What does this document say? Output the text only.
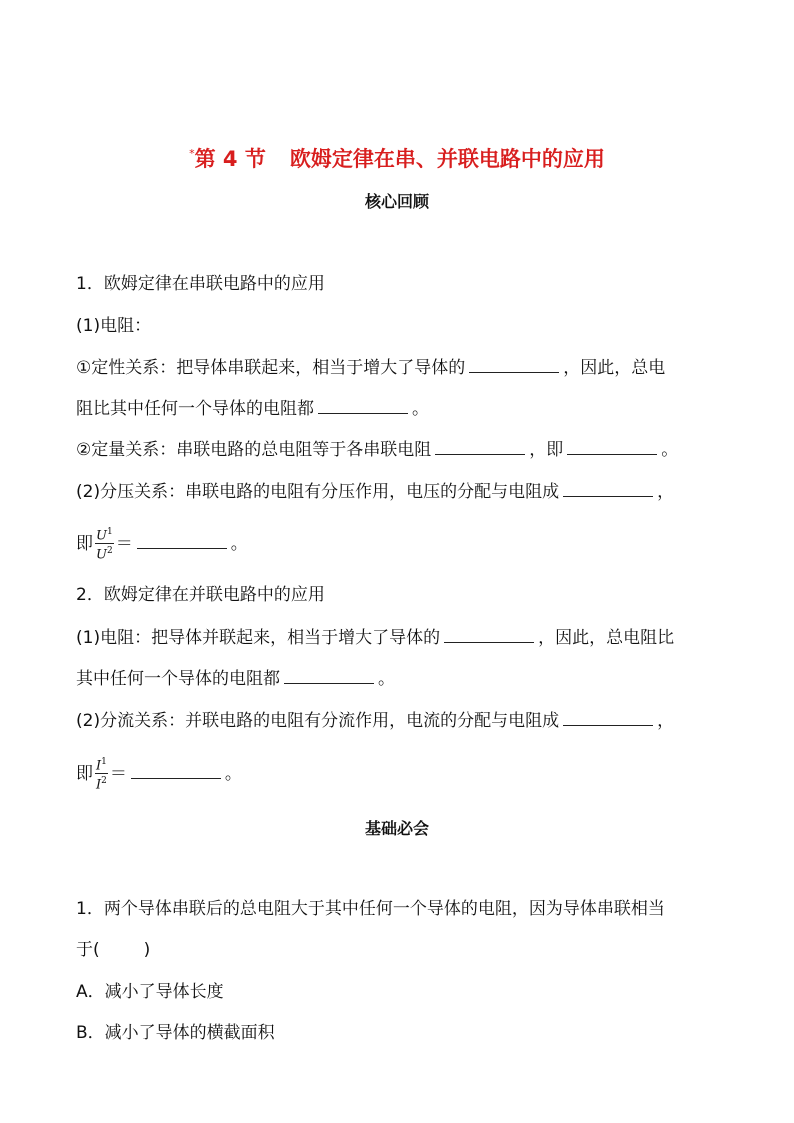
*第 4 节 欧姆定律在串、并联电路中的应用
核心回顾
1．欧姆定律在串联电路中的应用
(1)电阻：
①定性关系：把导体串联起来，相当于增大了导体的	，因此，总电
阻比其中任何一个导体的电阻都	。
②定量关系：串联电路的总电阻等于各串联电阻	，即	。
(2)分压关系：串联电路的电阻有分压作用，电压的分配与电阻成	，
即 $\frac{U^1}{U^2}$ ＝	。
2．欧姆定律在并联电路中的应用
(1)电阻：把导体并联起来，相当于增大了导体的	，因此，总电阻比
其中任何一个导体的电阻都	。
(2)分流关系：并联电路的电阻有分流作用，电流的分配与电阻成	，
即 $\frac{I^1}{I^2}$ ＝	。
基础必会
1．两个导体串联后的总电阻大于其中任何一个导体的电阻，因为导体串联相当
于(	)
A．减小了导体长度
B．减小了导体的横截面积
